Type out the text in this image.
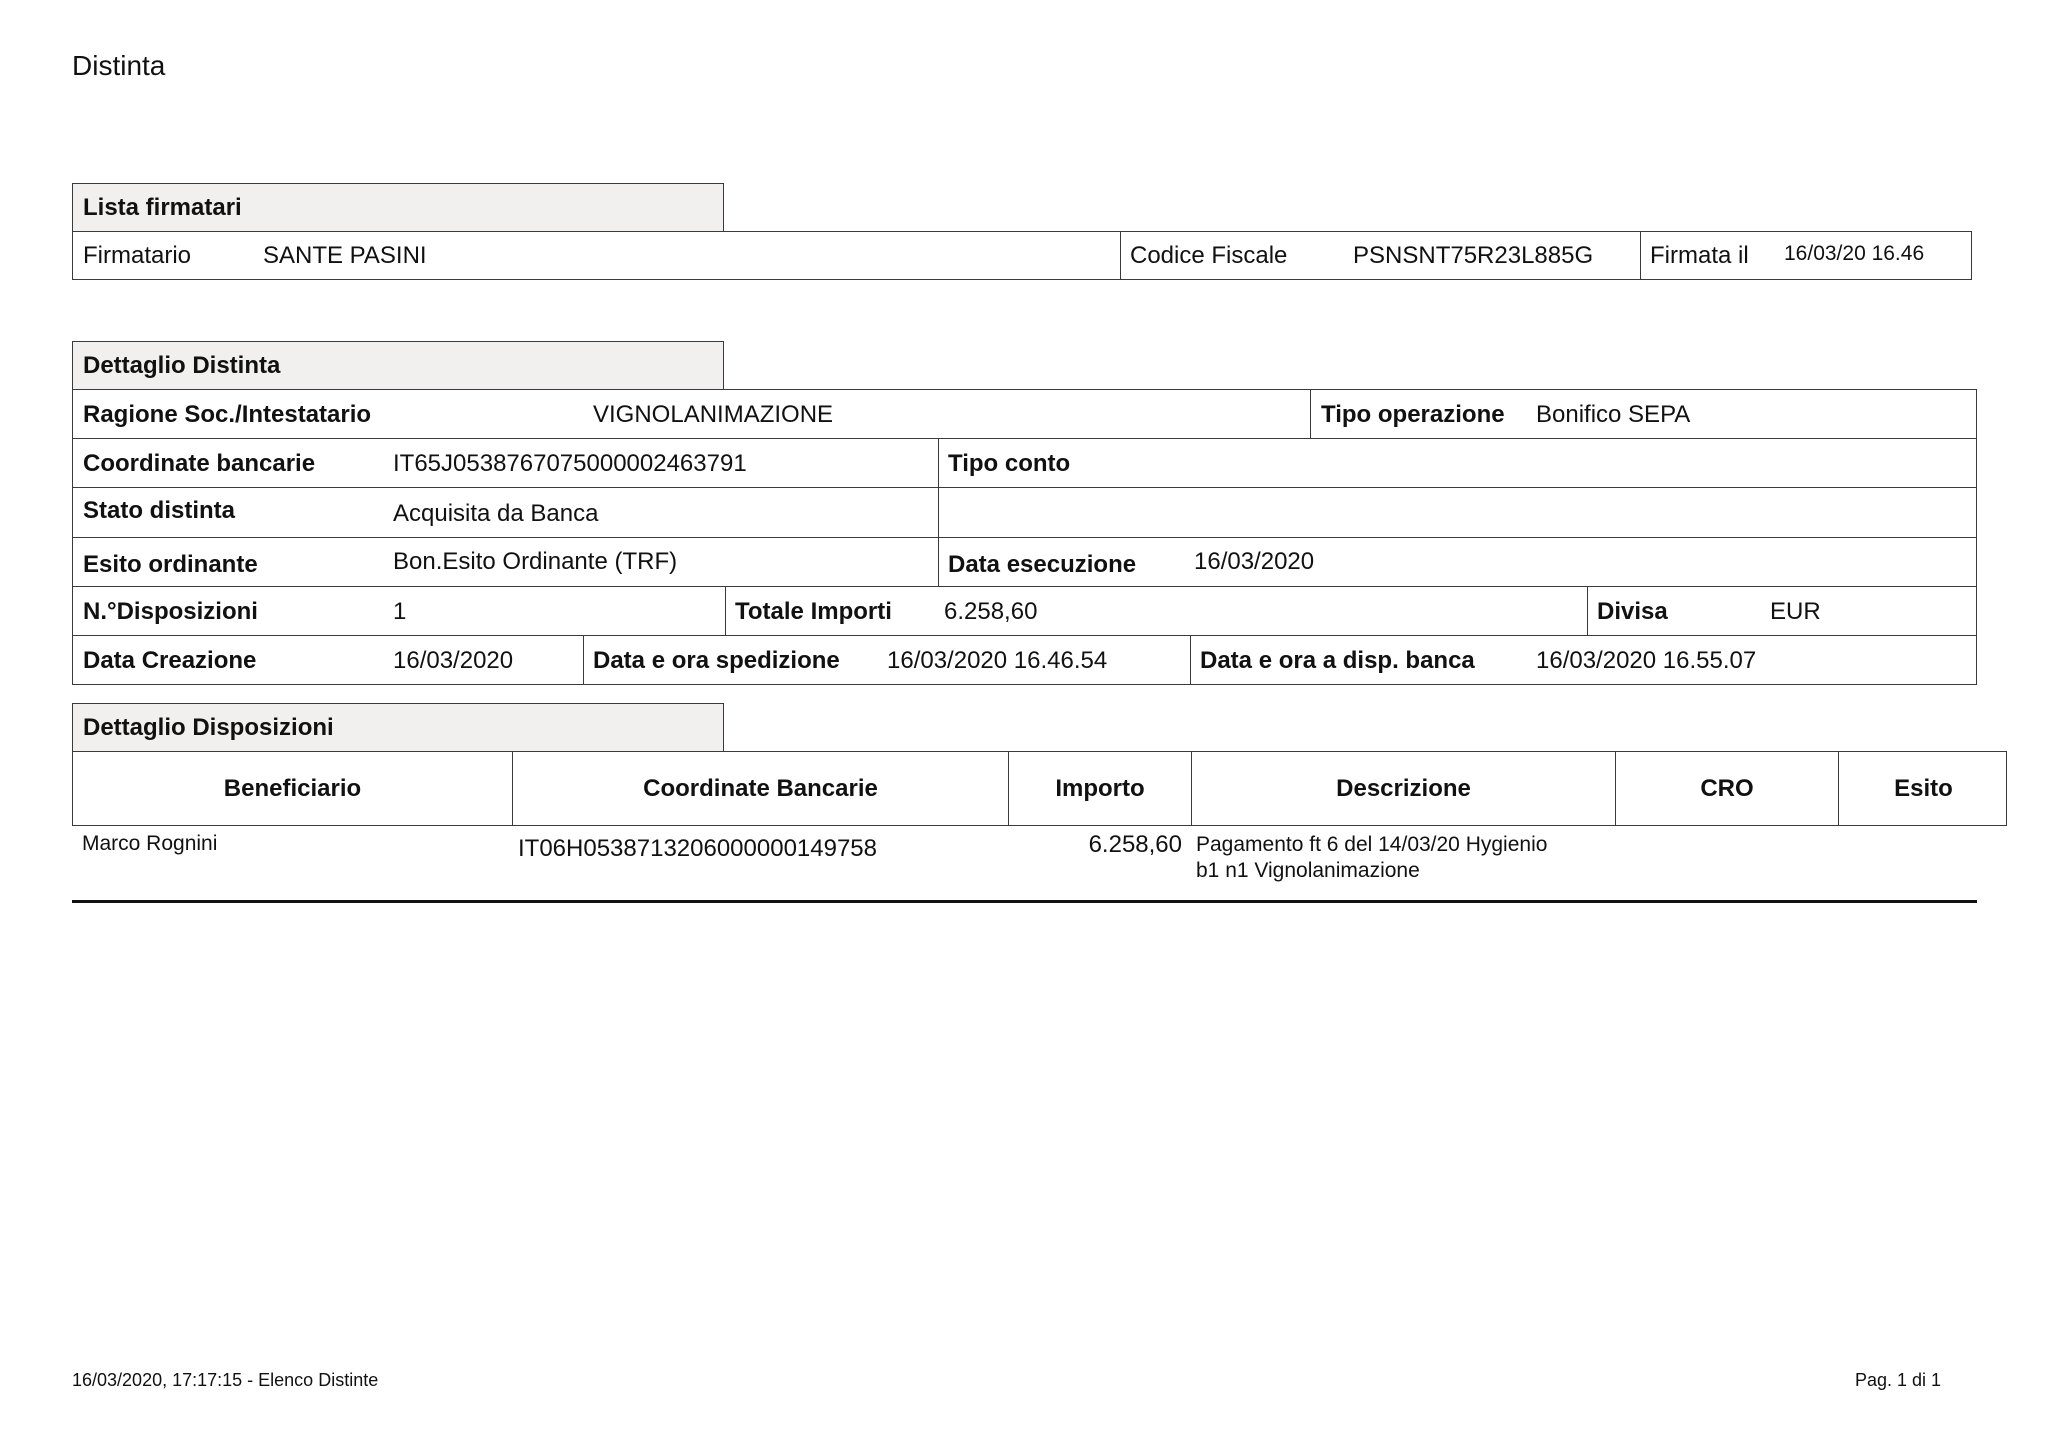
Distinta
Lista firmatari
Firmatario	SANTE PASINI	Codice Fiscale	PSNSNT75R23L885G Firmata il 16/03/20 16.46
Dettaglio Distinta
Ragione Soc./Intestatario	VIGNOLANIMAZIONE	Tipo operazione Bonifico SEPA
Coordinate bancarie	IT65J0538767075000002463791	Tipo conto
Stato distinta	Acquisita da Banca
Esito ordinante	Bon.Esito Ordinante (TRF)	Data esecuzione 16/03/2020
N.°Disposizioni	1	Totale Importi 6.258,60	Divisa	EUR
Data Creazione	16/03/2020	Data e ora spedizione 16/03/2020 16.46.54	Data e ora a disp. banca	16/03/2020 16.55.07
Dettaglio Disposizioni
Beneficiario	Coordinate Bancarie	Importo	Descrizione	CRO	Esito
Marco Rognini	IT06H0538713206000000149758	6.258,60 Pagamento ft 6 del 14/03/20 Hygienio
b1 n1 Vignolanimazione
16/03/2020, 17:17:15 - Elenco Distinte	Pag. 1 di 1
